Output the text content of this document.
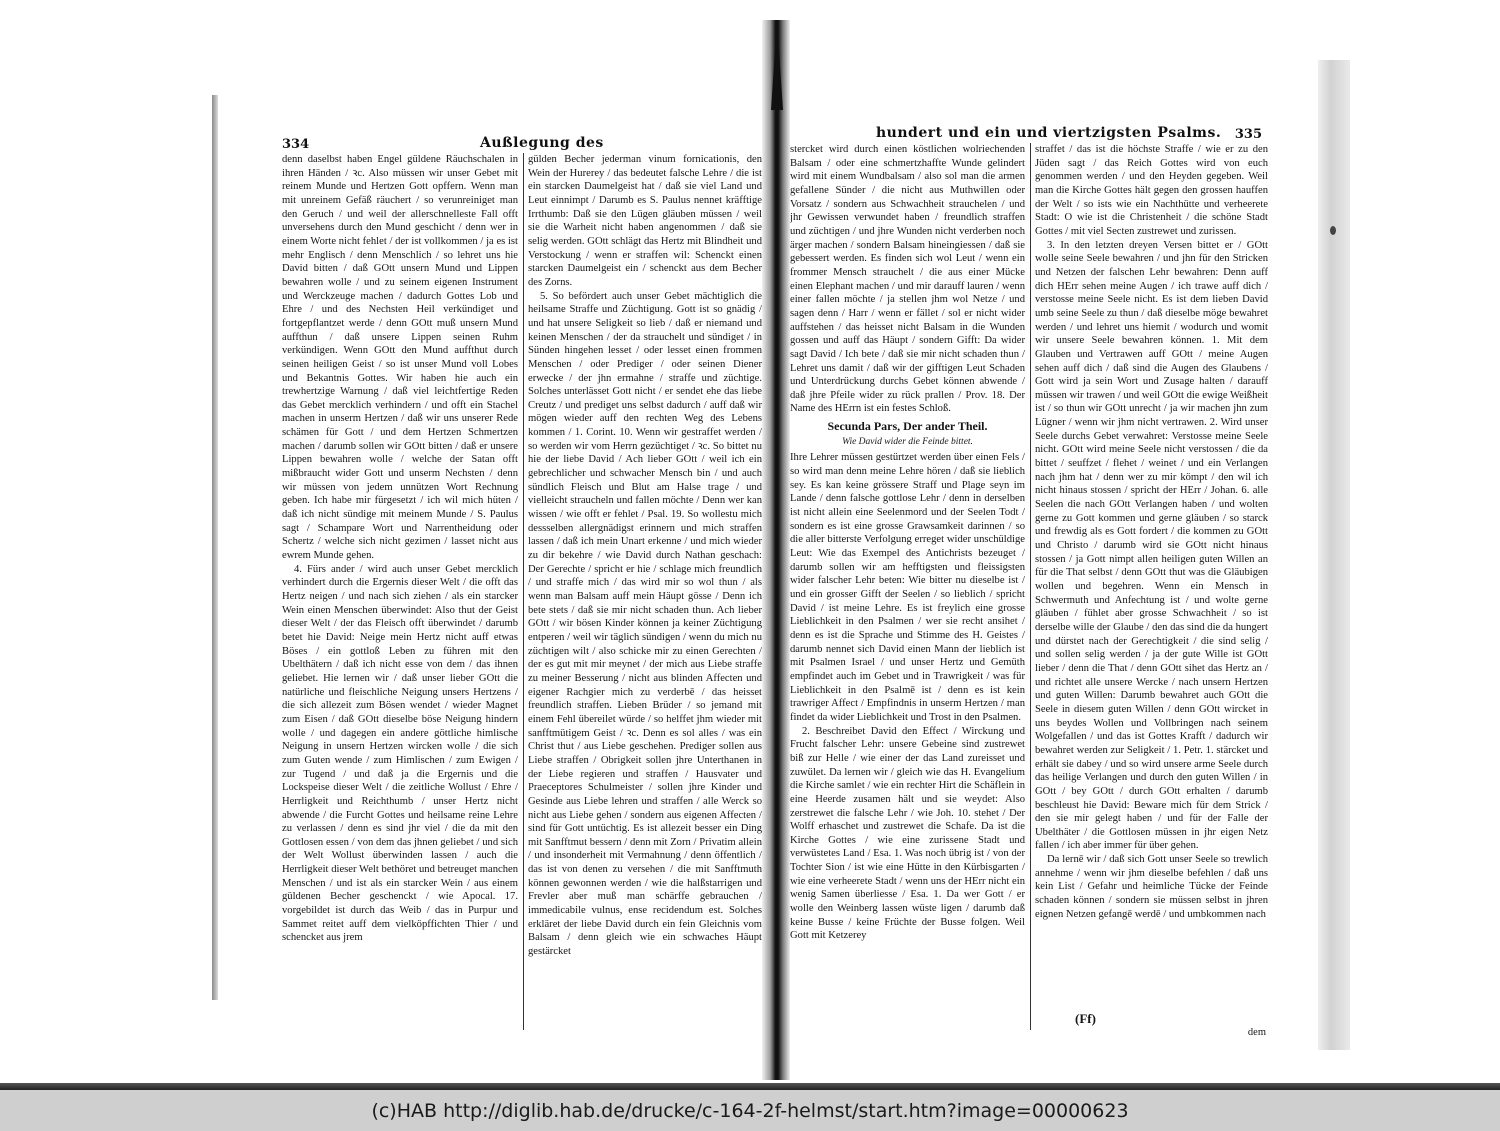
334	Außlegung des

denn daselbst haben Engel güldene Räuchschalen in ihren Händen / ꝛc. Also müssen wir unser Gebet mit reinem Munde und Hertzen Gott opffern. Wenn man mit unreinem Gefäß räuchert / so verunreiniget man den Geruch / und weil der allerschnelleste Fall offt unversehens durch den Mund geschicht / denn wer in einem Worte nicht fehlet / der ist vollkommen / ja es ist mehr Englisch / denn Menschlich / so lehret uns hie David bitten / daß GOtt unsern Mund und Lippen bewahren wolle / und zu seinem eigenen Instrument und Werckzeuge machen / dadurch Gottes Lob und Ehre / und des Nechsten Heil verkündiget und fortgepflantzet werde / denn GOtt muß unsern Mund auffthun / daß unsere Lippen seinen Ruhm verkündigen. Wenn GOtt den Mund auffthut durch seinen heiligen Geist / so ist unser Mund voll Lobes und Bekantnis Gottes. Wir haben hie auch ein trewhertzige Warnung / daß viel leichtfertige Reden das Gebet mercklich verhindern / und offt ein Stachel machen in unserm Hertzen / daß wir uns unserer Rede schämen für Gott / und dem Hertzen Schmertzen machen / darumb sollen wir GOtt bitten / daß er unsere Lippen bewahren wolle / welche der Satan offt mißbraucht wider Gott und unserm Nechsten / denn wir müssen von jedem unnützen Wort Rechnung geben. Ich habe mir fürgesetzt / ich wil mich hüten / daß ich nicht sündige mit meinem Munde / S. Paulus sagt / Schampare Wort und Narrentheidung oder Schertz / welche sich nicht gezimen / lasset nicht aus ewrem Munde gehen.

4. Fürs ander / wird auch unser Gebet mercklich verhindert durch die Ergernis dieser Welt / die offt das Hertz neigen / und nach sich ziehen / als ein starcker Wein einen Menschen überwindet: Also thut der Geist dieser Welt / der das Fleisch offt überwindet / darumb betet hie David: Neige mein Hertz nicht auff etwas Böses / ein gottloß Leben zu führen mit den Ubelthätern / daß ich nicht esse von dem / das ihnen geliebet. Hie lernen wir / daß unser lieber GOtt die natürliche und fleischliche Neigung unsers Hertzens / die sich allezeit zum Bösen wendet / wieder Magnet zum Eisen / daß GOtt dieselbe böse Neigung hindern wolle / und dagegen ein andere göttliche himlische Neigung in unsern Hertzen wircken wolle / die sich zum Guten wende / zum Himlischen / zum Ewigen / zur Tugend / und daß ja die Ergernis und die Lockspeise dieser Welt / die zeitliche Wollust / Ehre / Herrligkeit und Reichthumb / unser Hertz nicht abwende / die Furcht Gottes und heilsame reine Lehre zu verlassen / denn es sind jhr viel / die da mit den Gottlosen essen / von dem das jhnen geliebet / und sich der Welt Wollust überwinden lassen / auch die Herrligkeit dieser Welt bethöret und betreuget manchen Menschen / und ist als ein starcker Wein / aus einem güldenen Becher geschenckt / wie Apocal. 17. vorgebildet ist durch das Weib / das in Purpur und Sammet reitet auff dem vielköpffichten Thier / und schencket aus jrem

gülden Becher jederman vinum fornicationis, den Wein der Hurerey / das bedeutet falsche Lehre / die ist ein starcken Daumelgeist hat / daß sie viel Land und Leut einnimpt / Darumb es S. Paulus nennet kräfftige Irrthumb: Daß sie den Lügen gläuben müssen / weil sie die Warheit nicht haben angenommen / daß sie selig werden. GOtt schlägt das Hertz mit Blindheit und Verstockung / wenn er straffen wil: Schenckt einen starcken Daumelgeist ein / schenckt aus dem Becher des Zorns.

5. So befördert auch unser Gebet mächtiglich die heilsame Straffe und Züchtigung. Gott ist so gnädig / und hat unsere Seligkeit so lieb / daß er niemand und keinen Menschen / der da strauchelt und sündiget / in Sünden hingehen lesset / oder lesset einen frommen Menschen / oder Prediger / oder seinen Diener erwecke / der jhn ermahne / straffe und züchtige. Solches unterlässet Gott nicht / er sendet ehe das liebe Creutz / und prediget uns selbst dadurch / auff daß wir mögen wieder auff den rechten Weg des Lebens kommen / 1. Corint. 10. Wenn wir gestraffet werden / so werden wir vom Herrn gezüchtiget / ꝛc. So bittet nu hie der liebe David / Ach lieber GOtt / weil ich ein gebrechlicher und schwacher Mensch bin / und auch sündlich Fleisch und Blut am Halse trage / und vielleicht straucheln und fallen möchte / Denn wer kan wissen / wie offt er fehlet / Psal. 19. So wollestu mich dessselben allergnädigst erinnern und mich straffen lassen / daß ich mein Unart erkenne / und mich wieder zu dir bekehre / wie David durch Nathan geschach: Der Gerechte / spricht er hie / schlage mich freundlich / und straffe mich / das wird mir so wol thun / als wenn man Balsam auff mein Häupt gösse / Denn ich bete stets / daß sie mir nicht schaden thun. Ach lieber GOtt / wir bösen Kinder können ja keiner Züchtigung entperen / weil wir täglich sündigen / wenn du mich nu züchtigen wilt / also schicke mir zu einen Gerechten / der es gut mit mir meynet / der mich aus Liebe straffe zu meiner Besserung / nicht aus blinden Affecten und eigener Rachgier mich zu verderbē / das heisset freundlich straffen. Lieben Brüder / so jemand mit einem Fehl übereilet würde / so helffet jhm wieder mit sanfftmütigem Geist / ꝛc. Denn es sol alles / was ein Christ thut / aus Liebe geschehen. Prediger sollen aus Liebe straffen / Obrigkeit sollen jhre Unterthanen in der Liebe regieren und straffen / Hausvater und Praeceptores Schulmeister / sollen jhre Kinder und Gesinde aus Liebe lehren und straffen / alle Werck so nicht aus Liebe gehen / sondern aus eigenen Affecten / sind für Gott untüchtig. Es ist allezeit besser ein Ding mit Sanfftmut bessern / denn mit Zorn / Privatim allein / und insonderheit mit Vermahnung / denn öffentlich / das ist von denen zu versehen / die mit Sanfftmuth können gewonnen werden / wie die halßstarrigen und Frevler aber muß man schärffe gebrauchen / immedicabile vulnus, ense recidendum est. Solches erkläret der liebe David durch ein fein Gleichnis vom Balsam / denn gleich wie ein schwaches Häupt gestärcket

hundert und ein und viertzigsten Psalms. 335

stercket wird durch einen köstlichen wolriechenden Balsam / oder eine schmertzhaffte Wunde gelindert wird mit einem Wundbalsam / also sol man die armen gefallene Sünder / die nicht aus Muthwillen oder Vorsatz / sondern aus Schwachheit strauchelen / und jhr Gewissen verwundet haben / freundlich straffen und züchtigen / und jhre Wunden nicht verderben noch ärger machen / sondern Balsam hineingiessen / daß sie gebessert werden. Es finden sich wol Leut / wenn ein frommer Mensch strauchelt / die aus einer Mücke einen Elephant machen / und mir darauff lauren / wenn einer fallen möchte / ja stellen jhm wol Netze / und sagen denn / Harr / wenn er fället / sol er nicht wider auffstehen / das heisset nicht Balsam in die Wunden gossen und auff das Häupt / sondern Gifft: Da wider sagt David / Ich bete / daß sie mir nicht schaden thun / Lehret uns damit / daß wir der gifftigen Leut Schaden und Unterdrückung durchs Gebet können abwende / daß jhre Pfeile wider zu rück prallen / Prov. 18. Der Name des HErrn ist ein festes Schloß.

Secunda Pars, Der ander Theil.
Wie David wider die Feinde bittet.

Ihre Lehrer müssen gestürtzet werden über einen Fels / so wird man denn meine Lehre hören / daß sie lieblich sey. Es kan keine grössere Straff und Plage seyn im Lande / denn falsche gottlose Lehr / denn in derselben ist nicht allein eine Seelenmord und der Seelen Todt / sondern es ist eine grosse Grawsamkeit darinnen / so die aller bitterste Verfolgung erreget wider unschüldige Leut: Wie das Exempel des Antichrists bezeuget / darumb sollen wir am hefftigsten und fleissigsten wider falscher Lehr beten: Wie bitter nu dieselbe ist / und ein grosser Gifft der Seelen / so lieblich / spricht David / ist meine Lehre. Es ist freylich eine grosse Lieblichkeit in den Psalmen / wer sie recht ansihet / denn es ist die Sprache und Stimme des H. Geistes / darumb nennet sich David einen Mann der lieblich ist mit Psalmen Israel / und unser Hertz und Gemüth empfindet auch im Gebet und in Trawrigkeit / was für Lieblichkeit in den Psalmē ist / denn es ist kein trawriger Affect / Empfindnis in unserm Hertzen / man findet da wider Lieblichkeit und Trost in den Psalmen.

2. Beschreibet David den Effect / Wirckung und Frucht falscher Lehr: unsere Gebeine sind zustrewet biß zur Helle / wie einer der das Land zureisset und zuwület. Da lernen wir / gleich wie das H. Evangelium die Kirche samlet / wie ein rechter Hirt die Schäflein in eine Heerde zusamen hält und sie weydet: Also zerstrewet die falsche Lehr / wie Joh. 10. stehet / Der Wolff erhaschet und zustrewet die Schafe. Da ist die Kirche Gottes / wie eine zurissene Stadt und verwüstetes Land / Esa. 1. Was noch übrig ist / von der Tochter Sion / ist wie eine Hütte in den Kürbisgarten / wie eine verheerete Stadt / wenn uns der HErr nicht ein wenig Samen überliesse / Esa. 1. Da wer Gott / er wolle den Weinberg lassen wüste ligen / darumb daß keine Busse / keine Früchte der Busse folgen. Weil Gott mit Ketzerey

straffet / das ist die höchste Straffe / wie er zu den Jüden sagt / das Reich Gottes wird von euch genommen werden / und den Heyden gegeben. Weil man die Kirche Gottes hält gegen den grossen hauffen der Welt / so ists wie ein Nachthütte und verheerete Stadt: O wie ist die Christenheit / die schöne Stadt Gottes / mit viel Secten zustrewet und zurissen.

3. In den letzten dreyen Versen bittet er / GOtt wolle seine Seele bewahren / und jhn für den Stricken und Netzen der falschen Lehr bewahren: Denn auff dich HErr sehen meine Augen / ich trawe auff dich / verstosse meine Seele nicht. Es ist dem lieben David umb seine Seele zu thun / daß dieselbe möge bewahret werden / und lehret uns hiemit / wodurch und womit wir unsere Seele bewahren können. 1. Mit dem Glauben und Vertrawen auff GOtt / meine Augen sehen auff dich / daß sind die Augen des Glaubens / Gott wird ja sein Wort und Zusage halten / darauff müssen wir trawen / und weil GOtt die ewige Weißheit ist / so thun wir GOtt unrecht / ja wir machen jhn zum Lügner / wenn wir jhm nicht vertrawen. 2. Wird unser Seele durchs Gebet verwahret: Verstosse meine Seele nicht. GOtt wird meine Seele nicht verstossen / die da bittet / seuffzet / flehet / weinet / und ein Verlangen nach jhm hat / denn wer zu mir kömpt / den wil ich nicht hinaus stossen / spricht der HErr / Johan. 6. alle Seelen die nach GOtt Verlangen haben / und wolten gerne zu Gott kommen und gerne gläuben / so starck und frewdig als es Gott fordert / die kommen zu GOtt und Christo / darumb wird sie GOtt nicht hinaus stossen / ja Gott nimpt allen heiligen guten Willen an für die That selbst / denn GOtt thut was die Gläubigen wollen und begehren. Wenn ein Mensch in Schwermuth und Anfechtung ist / und wolte gerne gläuben / fühlet aber grosse Schwachheit / so ist derselbe wille der Glaube / den das sind die da hungert und dürstet nach der Gerechtigkeit / die sind selig / und sollen selig werden / ja der gute Wille ist GOtt lieber / denn die That / denn GOtt sihet das Hertz an / und richtet alle unsere Wercke / nach unsern Hertzen und guten Willen: Darumb bewahret auch GOtt die Seele in diesem guten Willen / denn GOtt wircket in uns beydes Wollen und Vollbringen nach seinem Wolgefallen / und das ist Gottes Krafft / dadurch wir bewahret werden zur Seligkeit / 1. Petr. 1. stärcket und erhält sie dabey / und so wird unsere arme Seele durch das heilige Verlangen und durch den guten Willen / in GOtt / bey GOtt / durch GOtt erhalten / darumb beschleust hie David: Beware mich für dem Strick / den sie mir gelegt haben / und für der Falle der Ubelthäter / die Gottlosen müssen in jhr eigen Netz fallen / ich aber immer für über gehen.

Da lernē wir / daß sich Gott unser Seele so trewlich annehme / wenn wir jhm dieselbe befehlen / daß uns kein List / Gefahr und heimliche Tücke der Feinde schaden können / sondern sie müssen selbst in jhren eignen Netzen gefangē werdē / und umbkommen nach

(Ff)
dem
(c)HAB http://diglib.hab.de/drucke/c-164-2f-helmst/start.htm?image=00000623
